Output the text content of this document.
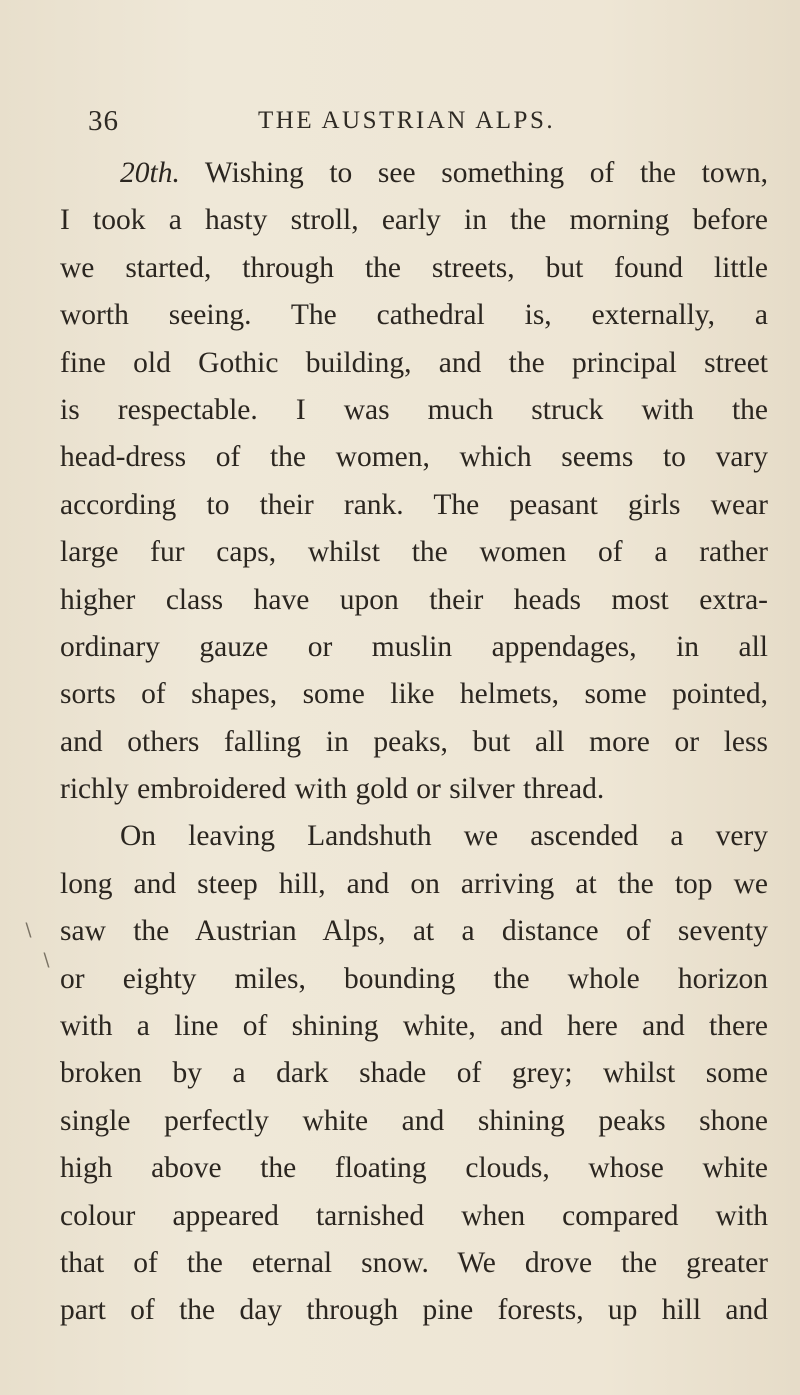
36	THE AUSTRIAN ALPS.
20th. Wishing to see something of the town,
I took a hasty stroll, early in the morning before
we started, through the streets, but found little
worth seeing. The cathedral is, externally, a
fine old Gothic building, and the principal street
is respectable. I was much struck with the
head-dress of the women, which seems to vary
according to their rank. The peasant girls wear
large fur caps, whilst the women of a rather
higher class have upon their heads most extra-
ordinary gauze or muslin appendages, in all
sorts of shapes, some like helmets, some pointed,
and others falling in peaks, but all more or less
richly embroidered with gold or silver thread.
On leaving Landshuth we ascended a very
long and steep hill, and on arriving at the top we
saw the Austrian Alps, at a distance of seventy
or eighty miles, bounding the whole horizon
with a line of shining white, and here and there
broken by a dark shade of grey; whilst some
single perfectly white and shining peaks shone
high above the floating clouds, whose white
colour appeared tarnished when compared with
that of the eternal snow. We drove the greater
part of the day through pine forests, up hill and
∖
∖
